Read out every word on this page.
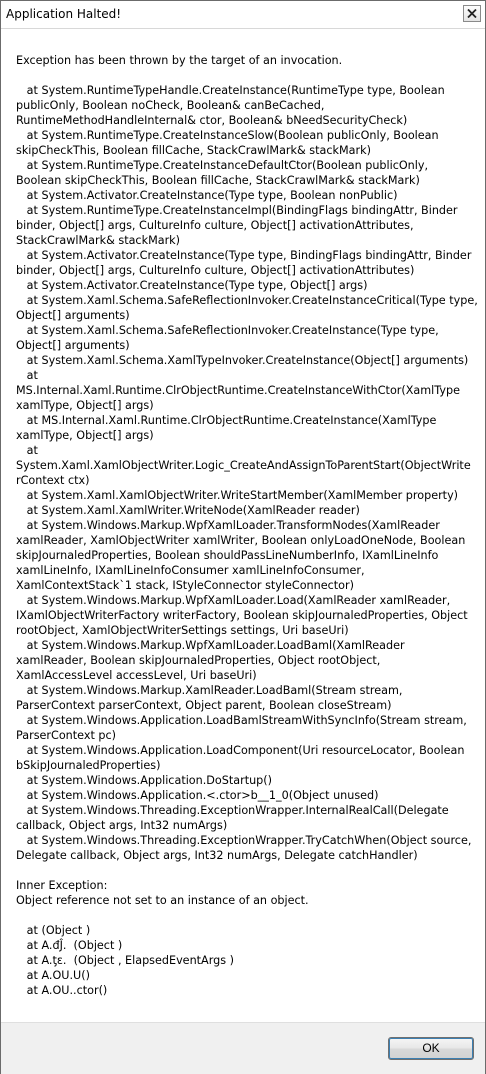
Application Halted!
Exception has been thrown by the target of an invocation.
at System.RuntimeTypeHandle.CreateInstance(RuntimeType type, Boolean
publicOnly, Boolean noCheck, Boolean& canBeCached,
RuntimeMethodHandleInternal& ctor, Boolean& bNeedSecurityCheck)
at System.RuntimeType.CreateInstanceSlow(Boolean publicOnly, Boolean
skipCheckThis, Boolean fillCache, StackCrawlMark& stackMark)
at System.RuntimeType.CreateInstanceDefaultCtor(Boolean publicOnly,
Boolean skipCheckThis, Boolean fillCache, StackCrawlMark& stackMark)
at System.Activator.CreateInstance(Type type, Boolean nonPublic)
at System.RuntimeType.CreateInstanceImpl(BindingFlags bindingAttr, Binder
binder, Object[] args, CultureInfo culture, Object[] activationAttributes,
StackCrawlMark& stackMark)
at System.Activator.CreateInstance(Type type, BindingFlags bindingAttr, Binder
binder, Object[] args, CultureInfo culture, Object[] activationAttributes)
at System.Activator.CreateInstance(Type type, Object[] args)
at System.Xaml.Schema.SafeReflectionInvoker.CreateInstanceCritical(Type type,
Object[] arguments)
at System.Xaml.Schema.SafeReflectionInvoker.CreateInstance(Type type,
Object[] arguments)
at System.Xaml.Schema.XamlTypeInvoker.CreateInstance(Object[] arguments)
at
MS.Internal.Xaml.Runtime.ClrObjectRuntime.CreateInstanceWithCtor(XamlType
xamlType, Object[] args)
at MS.Internal.Xaml.Runtime.ClrObjectRuntime.CreateInstance(XamlType
xamlType, Object[] args)
at
System.Xaml.XamlObjectWriter.Logic_CreateAndAssignToParentStart(ObjectWrite
rContext ctx)
at System.Xaml.XamlObjectWriter.WriteStartMember(XamlMember property)
at System.Xaml.XamlWriter.WriteNode(XamlReader reader)
at System.Windows.Markup.WpfXamlLoader.TransformNodes(XamlReader
xamlReader, XamlObjectWriter xamlWriter, Boolean onlyLoadOneNode, Boolean
skipJournaledProperties, Boolean shouldPassLineNumberInfo, IXamlLineInfo
xamlLineInfo, IXamlLineInfoConsumer xamlLineInfoConsumer,
XamlContextStack`1 stack, IStyleConnector styleConnector)
at System.Windows.Markup.WpfXamlLoader.Load(XamlReader xamlReader,
IXamlObjectWriterFactory writerFactory, Boolean skipJournaledProperties, Object
rootObject, XamlObjectWriterSettings settings, Uri baseUri)
at System.Windows.Markup.WpfXamlLoader.LoadBaml(XamlReader
xamlReader, Boolean skipJournaledProperties, Object rootObject,
XamlAccessLevel accessLevel, Uri baseUri)
at System.Windows.Markup.XamlReader.LoadBaml(Stream stream,
ParserContext parserContext, Object parent, Boolean closeStream)
at System.Windows.Application.LoadBamlStreamWithSyncInfo(Stream stream,
ParserContext pc)
at System.Windows.Application.LoadComponent(Uri resourceLocator, Boolean
bSkipJournaledProperties)
at System.Windows.Application.DoStartup()
at System.Windows.Application.<.ctor>b__1_0(Object unused)
at System.Windows.Threading.ExceptionWrapper.InternalRealCall(Delegate
callback, Object args, Int32 numArgs)
at System.Windows.Threading.ExceptionWrapper.TryCatchWhen(Object source,
Delegate callback, Object args, Int32 numArgs, Delegate catchHandler)
Inner Exception:
Object reference not set to an instance of an object.
at (Object )
at A.đĴ.  (Object )
at A.ƫɛ.  (Object , ElapsedEventArgs )
at A.OU.U()
at A.OU..ctor()
OK
